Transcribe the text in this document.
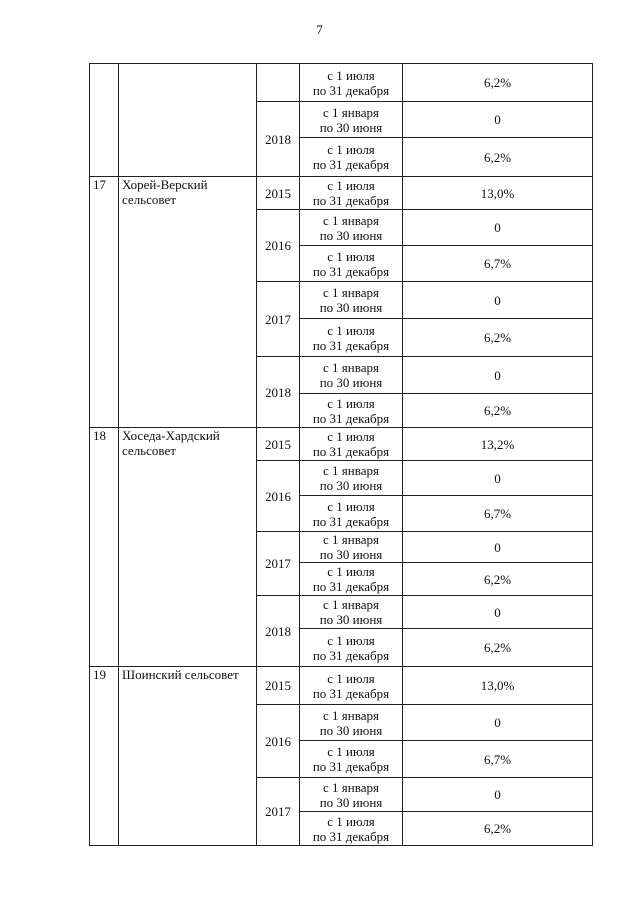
7

			с 1 июля
по 31 декабря	6,2%
		2018	с 1 января
по 30 июня	0

			с 1 июля
по 31 декабря	6,2%
17	Хорей-Верский сельсовет	2015	с 1 июля
по 31 декабря	13,0%
		2016	с 1 января
по 30 июня	0

			с 1 июля
по 31 декабря	6,7%
		2017	с 1 января
по 30 июня	0

			с 1 июля
по 31 декабря	6,2%
		2018	с 1 января
по 30 июня	0

			с 1 июля
по 31 декабря	6,2%
18	Хоседа-Хардский сельсовет	2015	с 1 июля
по 31 декабря	13,2%
		2016	с 1 января
по 30 июня	0

			с 1 июля
по 31 декабря	6,7%
		2017	с 1 января
по 30 июня	0

			с 1 июля
по 31 декабря	6,2%
		2018	с 1 января
по 30 июня	0

			с 1 июля
по 31 декабря	6,2%
19	Шоинский сельсовет	2015	с 1 июля
по 31 декабря	13,0%
		2016	с 1 января
по 30 июня	0

			с 1 июля
по 31 декабря	6,7%
		2017	с 1 января
по 30 июня	0

			с 1 июля
по 31 декабря	6,2%
